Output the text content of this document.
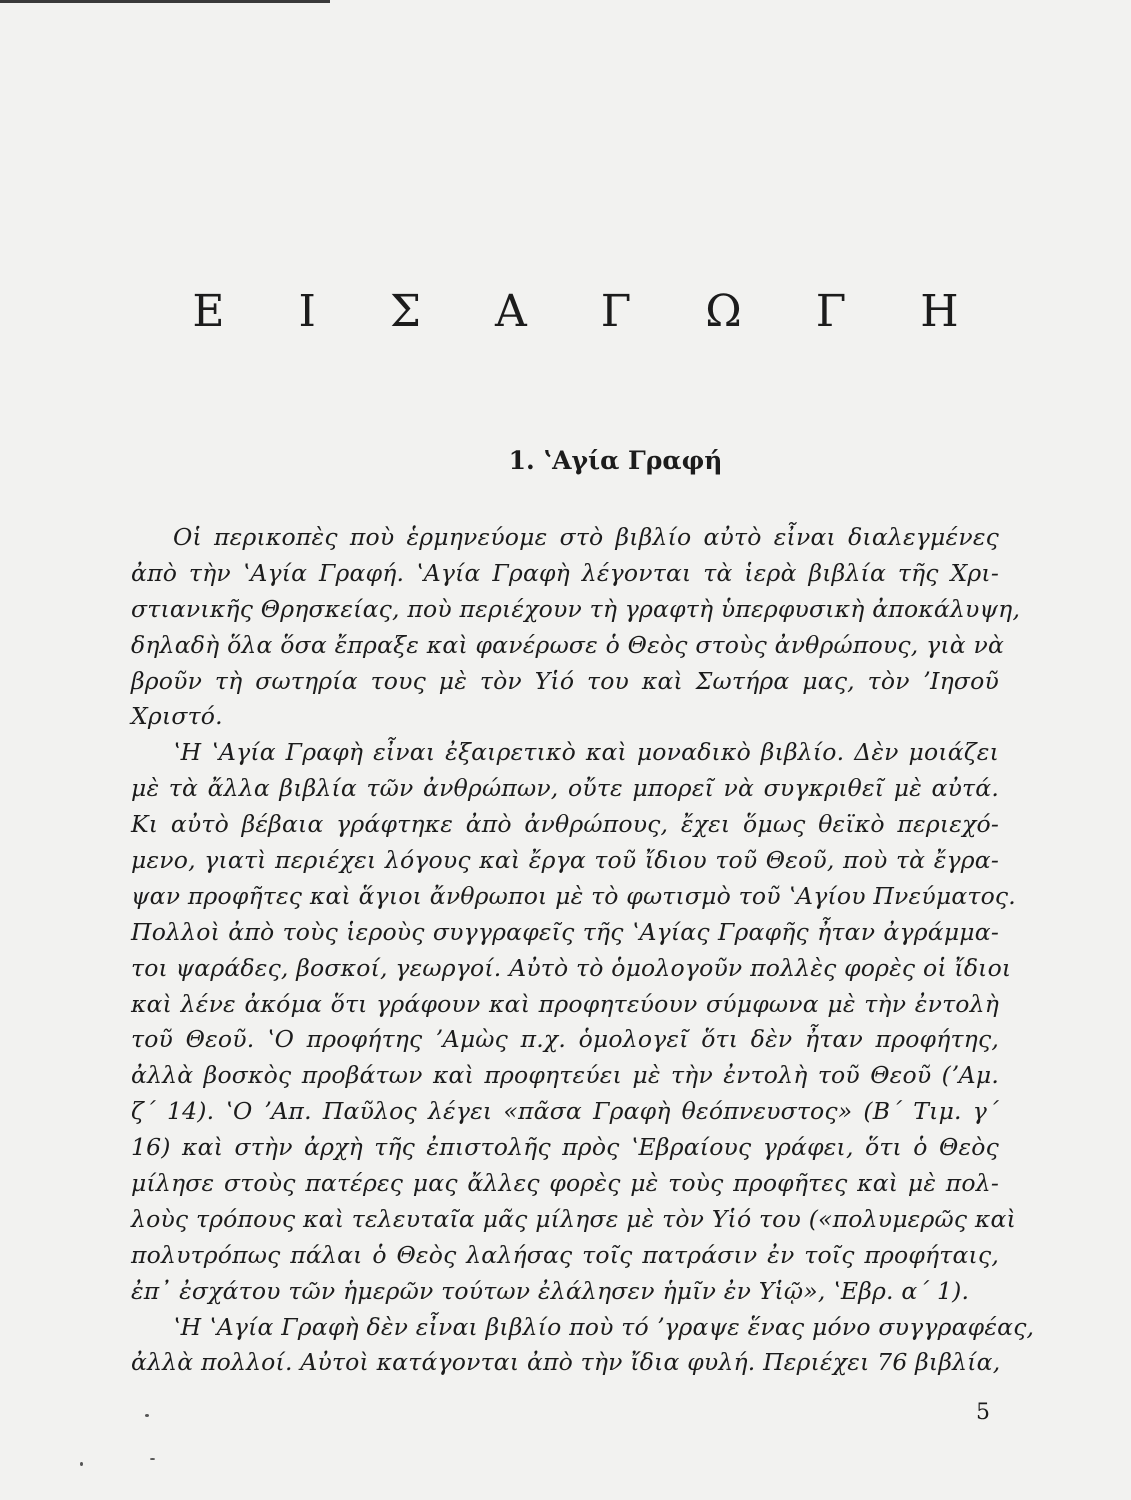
Ε Ι Σ Α Γ Ω Γ Η
1. ʽΑγία Γραφή
Οἱ περικοπὲς ποὺ ἑρμηνεύομε στὸ βιβλίο αὐτὸ εἶναι διαλεγμένες
ἀπὸ τὴν ʽΑγία Γραφή. ʽΑγία Γραφὴ λέγονται τὰ ἱερὰ βιβλία τῆς Χρι-
στιανικῆς Θρησκείας, ποὺ περιέχουν τὴ γραφτὴ ὑπερφυσικὴ ἀποκάλυψη,
δηλαδὴ ὅλα ὅσα ἔπραξε καὶ φανέρωσε ὁ Θεὸς στοὺς ἀνθρώπους, γιὰ νὰ
βροῦν τὴ σωτηρία τους μὲ τὸν Υἱό του καὶ Σωτήρα μας, τὸν ʼΙησοῦ
Χριστό.
ʽΗ ʽΑγία Γραφὴ εἶναι ἐξαιρετικὸ καὶ μοναδικὸ βιβλίο. Δὲν μοιάζει
μὲ τὰ ἄλλα βιβλία τῶν ἀνθρώπων, οὔτε μπορεῖ νὰ συγκριθεῖ μὲ αὐτά.
Κι αὐτὸ βέβαια γράφτηκε ἀπὸ ἀνθρώπους, ἔχει ὅμως θεϊκὸ περιεχό-
μενο, γιατὶ περιέχει λόγους καὶ ἔργα τοῦ ἴδιου τοῦ Θεοῦ, ποὺ τὰ ἔγρα-
ψαν προφῆτες καὶ ἅγιοι ἄνθρωποι μὲ τὸ φωτισμὸ τοῦ ʽΑγίου Πνεύματος.
Πολλοὶ ἀπὸ τοὺς ἱεροὺς συγγραφεῖς τῆς ʽΑγίας Γραφῆς ἦταν ἀγράμμα-
τοι ψαράδες, βοσκοί, γεωργοί. Αὐτὸ τὸ ὁμολογοῦν πολλὲς φορὲς οἱ ἴδιοι
καὶ λένε ἀκόμα ὅτι γράφουν καὶ προφητεύουν σύμφωνα μὲ τὴν ἐντολὴ
τοῦ Θεοῦ. ʽΟ προφήτης ʼΑμὼς π.χ. ὁμολογεῖ ὅτι δὲν ἦταν προφήτης,
ἀλλὰ βοσκὸς προβάτων καὶ προφητεύει μὲ τὴν ἐντολὴ τοῦ Θεοῦ (ʼΑμ.
ζ΄ 14). ʽΟ ʼΑπ. Παῦλος λέγει «πᾶσα Γραφὴ θεόπνευστος» (Β΄ Τιμ. γ΄
16) καὶ στὴν ἀρχὴ τῆς ἐπιστολῆς πρὸς ʽΕβραίους γράφει, ὅτι ὁ Θεὸς
μίλησε στοὺς πατέρες μας ἄλλες φορὲς μὲ τοὺς προφῆτες καὶ μὲ πολ-
λοὺς τρόπους καὶ τελευταῖα μᾶς μίλησε μὲ τὸν Υἱό του («πολυμερῶς καὶ
πολυτρόπως πάλαι ὁ Θεὸς λαλήσας τοῖς πατράσιν ἐν τοῖς προφήταις,
ἐπ᾿ ἐσχάτου τῶν ἡμερῶν τούτων ἐλάλησεν ἡμῖν ἐν Υἱῷ», ʽΕβρ. α΄ 1).
ʽΗ ʽΑγία Γραφὴ δὲν εἶναι βιβλίο ποὺ τό ʼγραψε ἕνας μόνο συγγραφέας,
ἀλλὰ πολλοί. Αὐτοὶ κατάγονται ἀπὸ τὴν ἴδια φυλή. Περιέχει 76 βιβλία,
5
